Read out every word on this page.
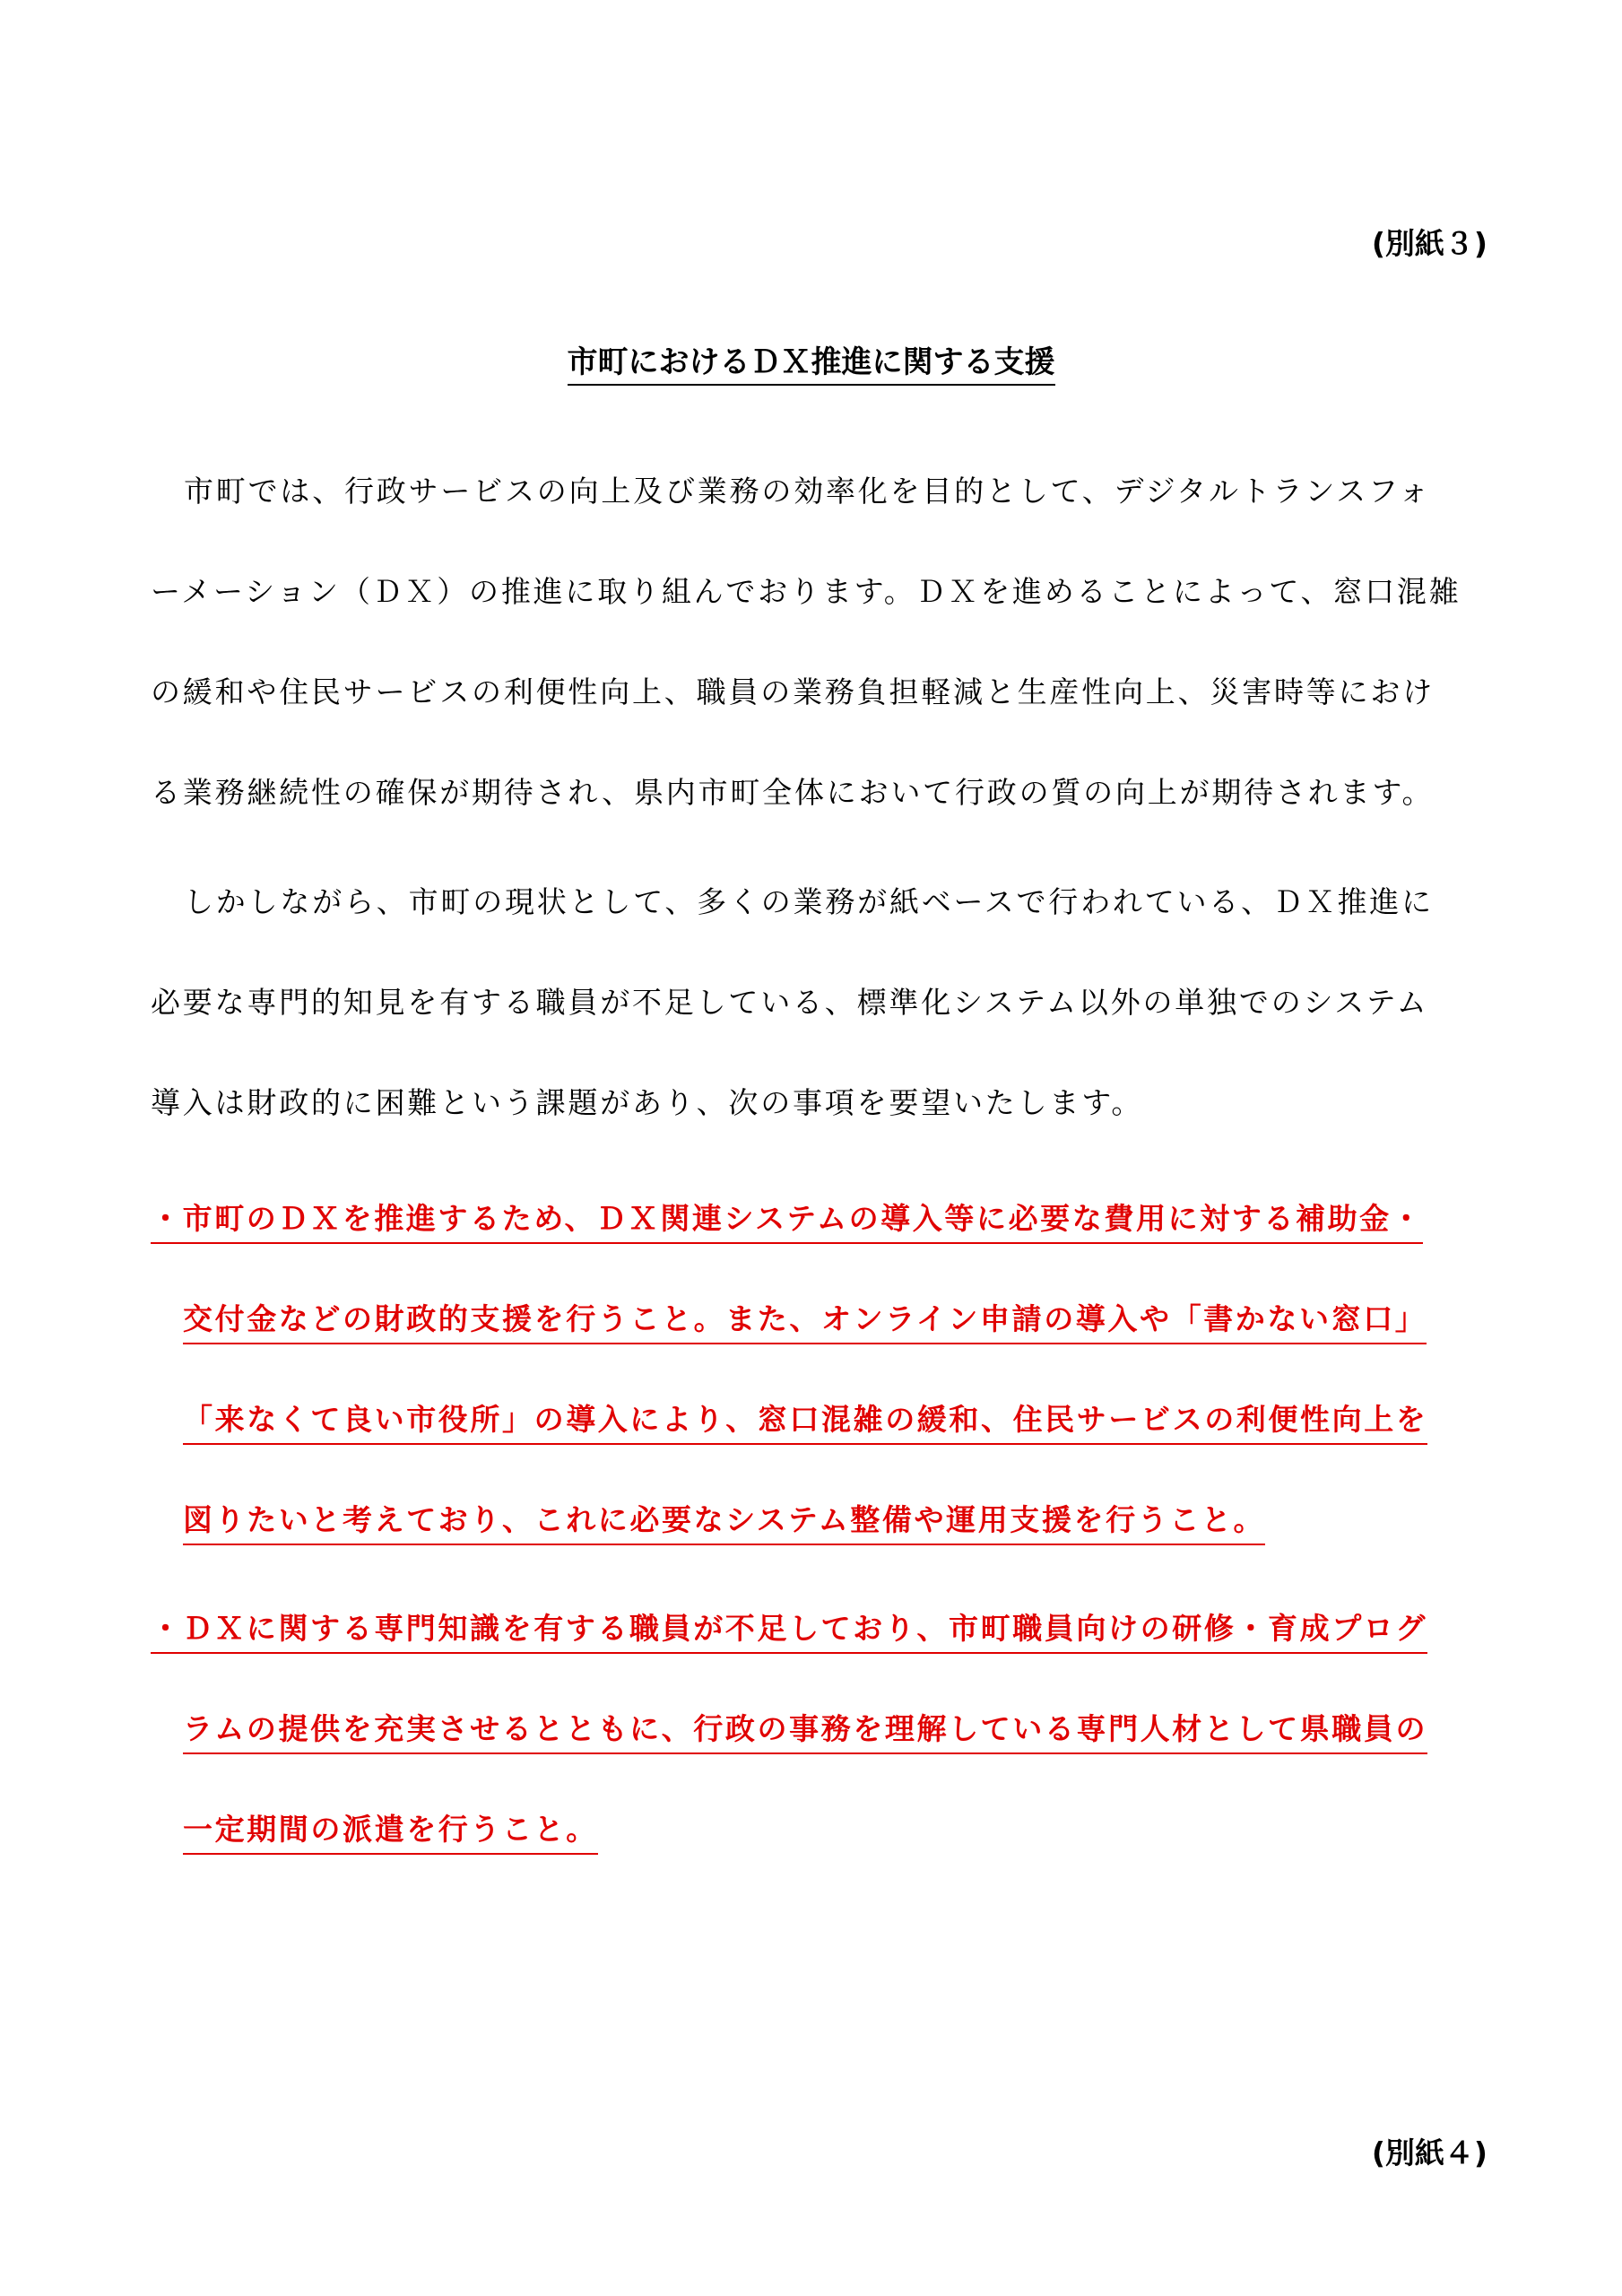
(別紙３)
市町におけるＤＸ推進に関する支援
市町では、行政サービスの向上及び業務の効率化を目的として、デジタルトランスフォ
ーメーション（ＤＸ）の推進に取り組んでおります。ＤＸを進めることによって、窓口混雑
の緩和や住民サービスの利便性向上、職員の業務負担軽減と生産性向上、災害時等におけ
る業務継続性の確保が期待され、県内市町全体において行政の質の向上が期待されます。
しかしながら、市町の現状として、多くの業務が紙ベースで行われている、ＤＸ推進に
必要な専門的知見を有する職員が不足している、標準化システム以外の単独でのシステム
導入は財政的に困難という課題があり、次の事項を要望いたします。
・市町のＤＸを推進するため、ＤＸ関連システムの導入等に必要な費用に対する補助金・
交付金などの財政的支援を行うこと。また、オンライン申請の導入や「書かない窓口」
「来なくて良い市役所」の導入により、窓口混雑の緩和、住民サービスの利便性向上を
図りたいと考えており、これに必要なシステム整備や運用支援を行うこと。
・ＤＸに関する専門知識を有する職員が不足しており、市町職員向けの研修・育成プログ
ラムの提供を充実させるとともに、行政の事務を理解している専門人材として県職員の
一定期間の派遣を行うこと。
(別紙４)
